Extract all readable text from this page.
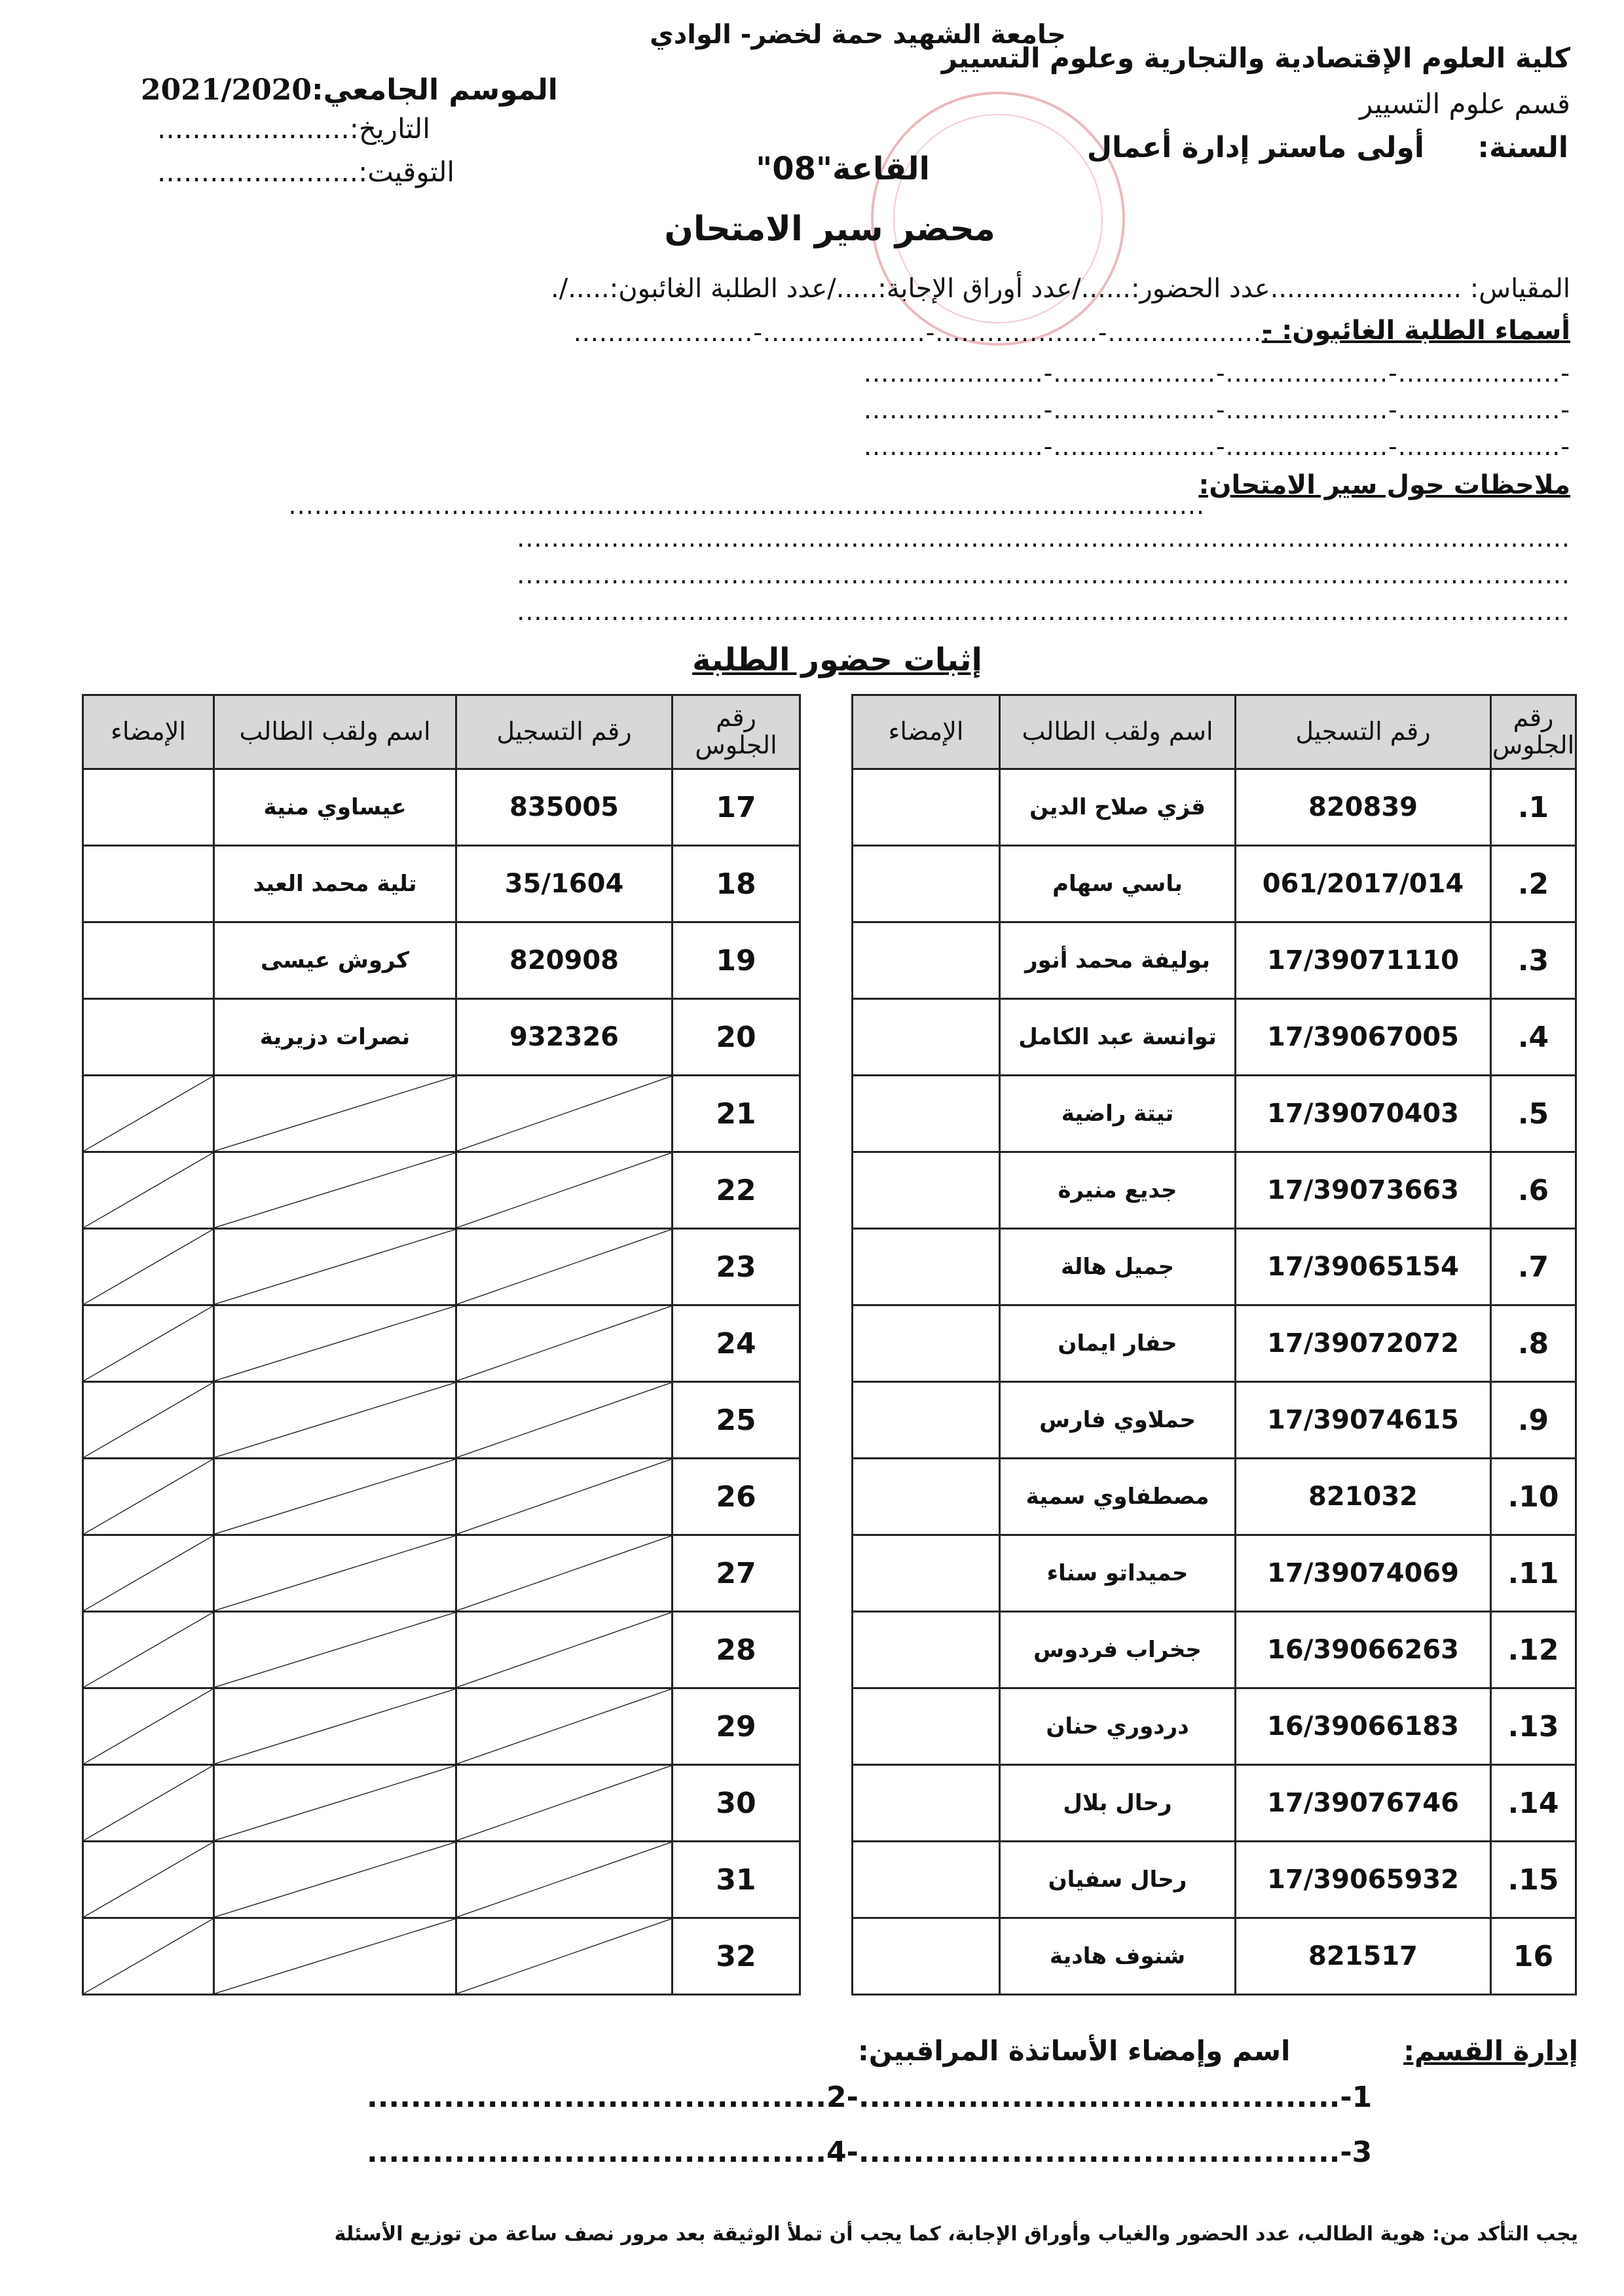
جامعة الشهيد حمة لخضر- الوادي
كلية العلوم الإقتصادية والتجارية وعلوم التسيير
قسم علوم التسيير
السنة:
أولى ماستر إدارة أعمال
الموسم الجامعي:2021/2020
التاريخ:......................
التوقيت:.......................	القاعة"08"
محضر سير الامتحان
المقياس: .......................عدد الحضور:....../عدد أوراق الإجابة:...../عدد الطلبة الغائبون:...../.
أسماء الطلبة الغائبون: -
...................-...................-...................-.....................
-...................-...................-...................-.....................
-...................-...................-...................-.....................
-...................-...................-...................-.....................
ملاحظات حول سير الامتحان:
...........................................................................................................
...........................................................................................................................
...........................................................................................................................
...........................................................................................................................
إثبات حضور الطلبة
رقم الجلوس	رقم التسجيل	اسم ولقب الطالب	الإمضاء
1.	820839	قزي صلاح الدين	
2.	061/2017/014	باسي سهام	
3.	17/39071110	بوليفة محمد أنور	
4.	17/39067005	توانسة عبد الكامل	
5.	17/39070403	تيتة راضية	
6.	17/39073663	جديع منيرة	
7.	17/39065154	جميل هالة	
8.	17/39072072	حفار ايمان	
9.	17/39074615	حملاوي فارس	
10.	821032	مصطفاوي سمية	
11.	17/39074069	حميداتو سناء	
12.	16/39066263	جخراب فردوس	
13.	16/39066183	دردوري حنان	
14.	17/39076746	رحال بلال	
15.	17/39065932	رحال سفيان	
16	821517	شنوف هادية	
رقم الجلوس	رقم التسجيل	اسم ولقب الطالب	الإمضاء
17	835005	عيساوي منية	
18	35/1604	تلية محمد العيد	
19	820908	كروش عيسى	
20	932326	نصرات دزيرية	
21	

22	

23	

24	

25	

26	

27	

28	

29	

30	

31	

32	

إدارة القسم:
اسم وإمضاء الأساتذة المراقبين:
1-............................................-2..........................................
3-............................................-4..........................................
يجب التأكد من: هوية الطالب، عدد الحضور والغياب وأوراق الإجابة، كما يجب أن تملأ الوثيقة بعد مرور نصف ساعة من توزيع الأسئلة
